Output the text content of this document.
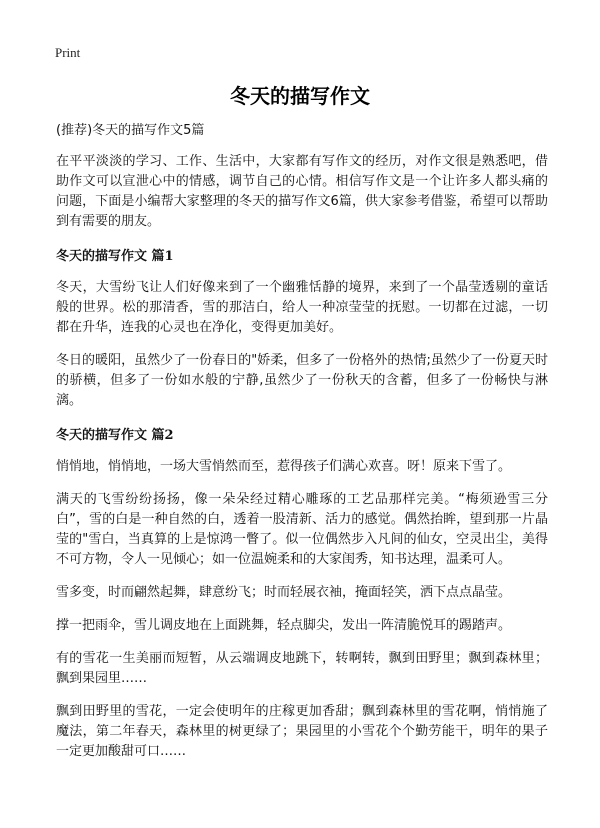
Print
冬天的描写作文
(推荐)冬天的描写作文5篇

在平平淡淡的学习、工作、生活中，大家都有写作文的经历，对作文很是熟悉吧，借助作文可以宣泄心中的情感，调节自己的心情。相信写作文是一个让许多人都头痛的问题，下面是小编帮大家整理的冬天的描写作文6篇，供大家参考借鉴，希望可以帮助到有需要的朋友。

冬天的描写作文 篇1

冬天，大雪纷飞让人们好像来到了一个幽雅恬静的境界，来到了一个晶莹透剔的童话般的世界。松的那清香，雪的那洁白，给人一种凉莹莹的抚慰。一切都在过滤，一切都在升华，连我的心灵也在净化，变得更加美好。

冬日的暖阳，虽然少了一份春日的"娇柔，但多了一份格外的热情;虽然少了一份夏天时的骄横，但多了一份如水般的宁静,虽然少了一份秋天的含蓄，但多了一份畅快与淋漓。

冬天的描写作文 篇2

悄悄地，悄悄地，一场大雪悄然而至，惹得孩子们满心欢喜。呀！原来下雪了。

满天的飞雪纷纷扬扬，像一朵朵经过精心雕琢的工艺品那样完美。“梅须逊雪三分白”，雪的白是一种自然的白，透着一股清新、活力的感觉。偶然抬眸，望到那一片晶莹的"雪白，当真算的上是惊鸿一瞥了。似一位偶然步入凡间的仙女，空灵出尘，美得不可方物，令人一见倾心；如一位温婉柔和的大家闺秀，知书达理，温柔可人。

雪多变，时而翩然起舞，肆意纷飞；时而轻展衣袖，掩面轻笑，洒下点点晶莹。

撑一把雨伞，雪儿调皮地在上面跳舞，轻点脚尖，发出一阵清脆悦耳的踢踏声。

有的雪花一生美丽而短暂，从云端调皮地跳下，转啊转，飘到田野里；飘到森林里；飘到果园里……

飘到田野里的雪花，一定会使明年的庄稼更加香甜；飘到森林里的雪花啊，悄悄施了魔法，第二年春天，森林里的树更绿了；果园里的小雪花个个勤劳能干，明年的果子一定更加酸甜可口……
